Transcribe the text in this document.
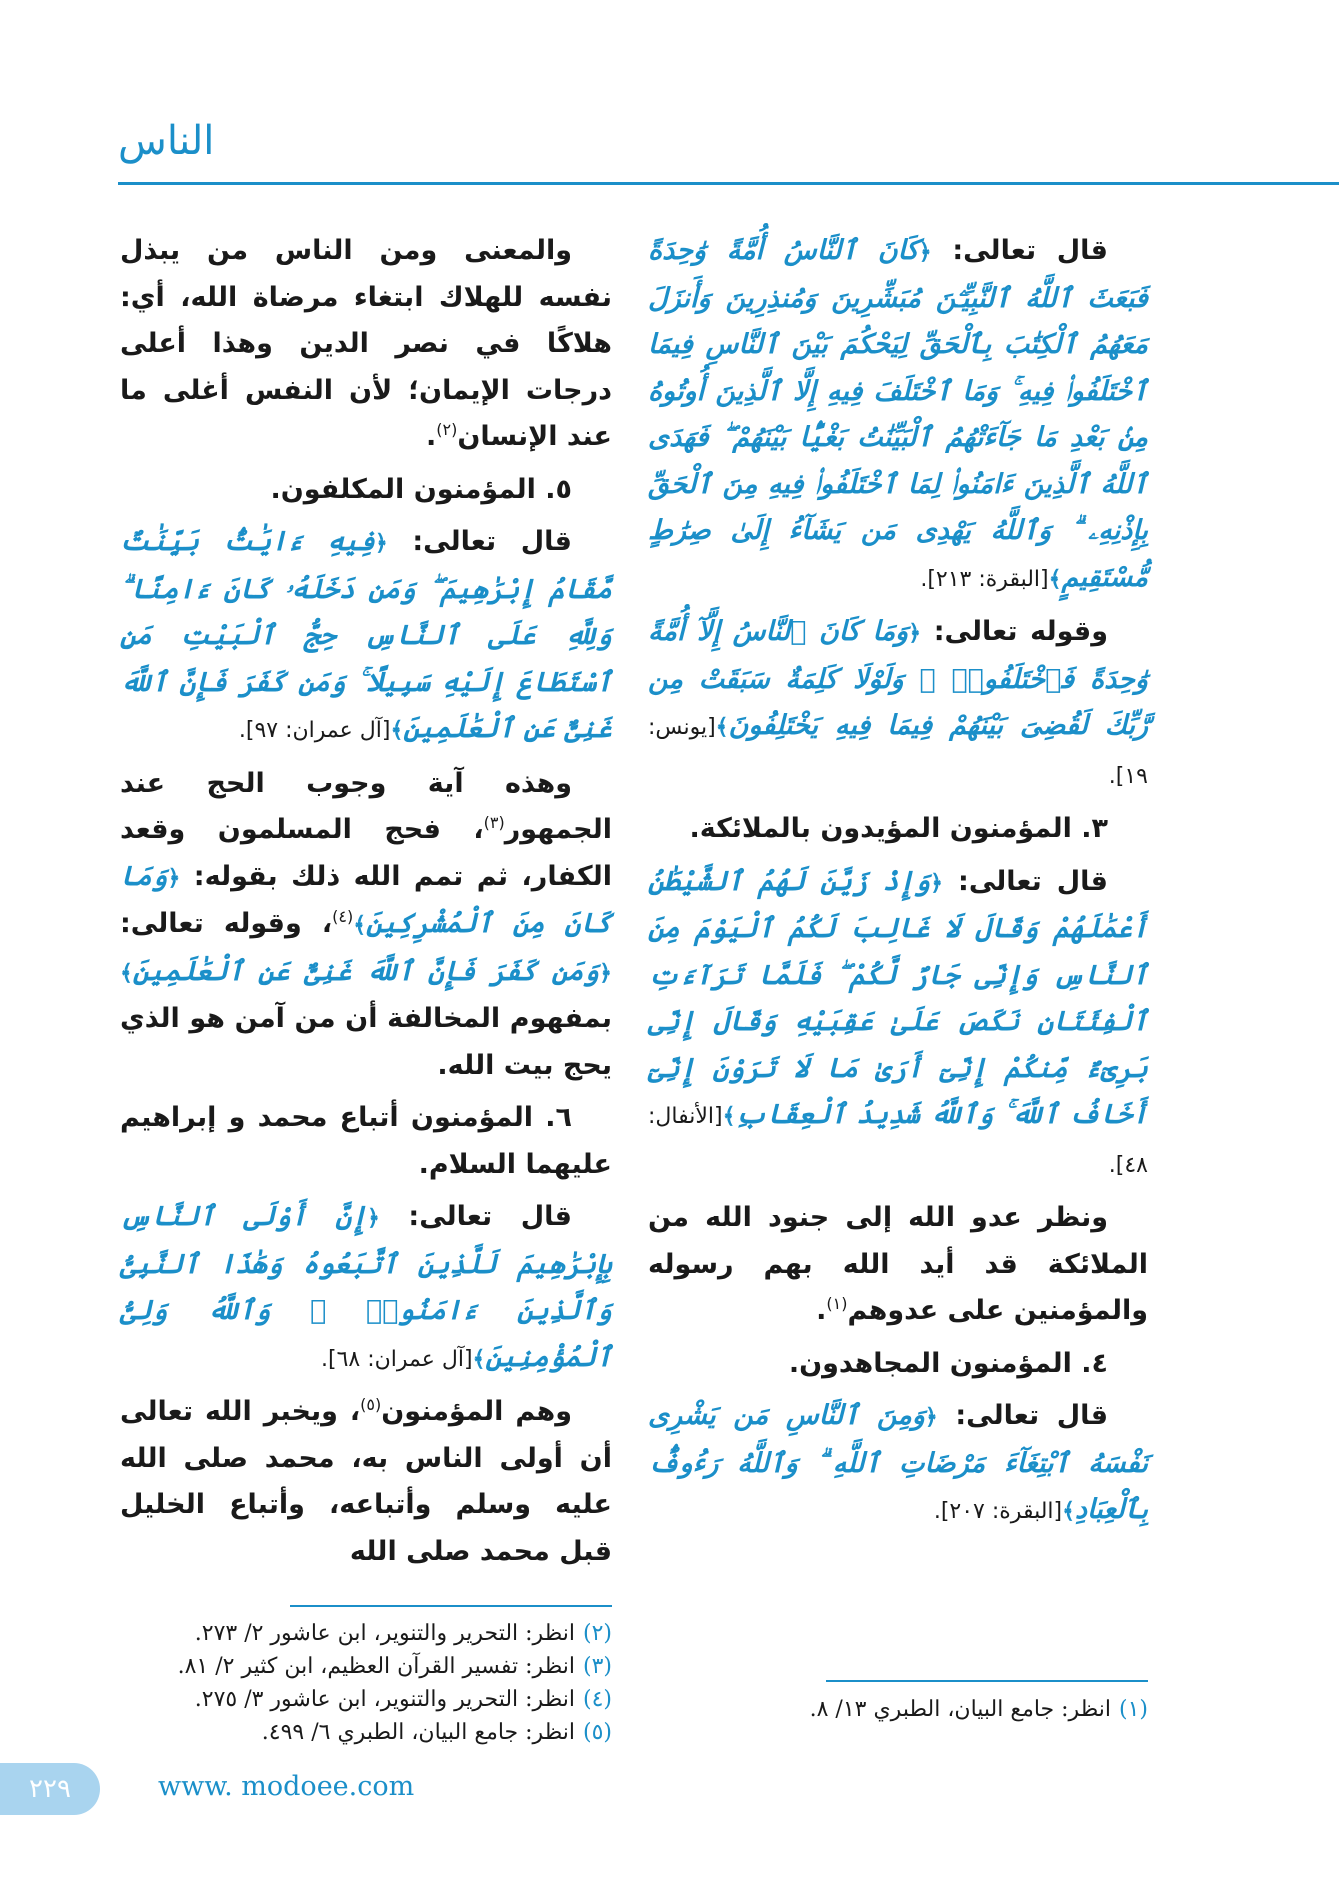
الناس

قال تعالى: ﴿كَانَ ٱلنَّاسُ أُمَّةً وَٰحِدَةً فَبَعَثَ ٱللَّهُ ٱلنَّبِيِّـۧنَ مُبَشِّرِينَ وَمُنذِرِينَ وَأَنزَلَ مَعَهُمُ ٱلْكِتَٰبَ بِٱلْحَقِّ لِيَحْكُمَ بَيْنَ ٱلنَّاسِ فِيمَا ٱخْتَلَفُوا۟ فِيهِ ۚ وَمَا ٱخْتَلَفَ فِيهِ إِلَّا ٱلَّذِينَ أُوتُوهُ مِنۢ بَعْدِ مَا جَآءَتْهُمُ ٱلْبَيِّنَٰتُ بَغْيًۢا بَيْنَهُمْ ۖ فَهَدَى ٱللَّهُ ٱلَّذِينَ ءَامَنُوا۟ لِمَا ٱخْتَلَفُوا۟ فِيهِ مِنَ ٱلْحَقِّ بِإِذْنِهِۦ ۗ وَٱللَّهُ يَهْدِى مَن يَشَآءُ إِلَىٰ صِرَٰطٍ مُّسْتَقِيمٍ﴾[البقرة: ٢١٣].

وقوله تعالى: ﴿وَمَا كَانَ ٱلنَّاسُ إِلَّآ أُمَّةً وَٰحِدَةً فَٱخْتَلَفُوا۟ ۚ وَلَوْلَا كَلِمَةٌ سَبَقَتْ مِن رَّبِّكَ لَقُضِىَ بَيْنَهُمْ فِيمَا فِيهِ يَخْتَلِفُونَ﴾[يونس: ١٩].

٣. المؤمنون المؤيدون بالملائكة.

قال تعالى: ﴿وَإِذْ زَيَّنَ لَهُمُ ٱلشَّيْطَٰنُ أَعْمَٰلَهُمْ وَقَالَ لَا غَالِبَ لَكُمُ ٱلْيَوْمَ مِنَ ٱلنَّاسِ وَإِنِّى جَارٌ لَّكُمْ ۖ فَلَمَّا تَرَآءَتِ ٱلْفِئَتَانِ نَكَصَ عَلَىٰ عَقِبَيْهِ وَقَالَ إِنِّى بَرِىٓءٌ مِّنكُمْ إِنِّىٓ أَرَىٰ مَا لَا تَرَوْنَ إِنِّىٓ أَخَافُ ٱللَّهَ ۚ وَٱللَّهُ شَدِيدُ ٱلْعِقَابِ﴾[الأنفال: ٤٨].

ونظر عدو الله إلى جنود الله من الملائكة قد أيد الله بهم رسوله والمؤمنين على عدوهم$^{(١)}$.

٤. المؤمنون المجاهدون.

قال تعالى: ﴿وَمِنَ ٱلنَّاسِ مَن يَشْرِى نَفْسَهُ ٱبْتِغَآءَ مَرْضَاتِ ٱللَّهِ ۗ وَٱللَّهُ رَءُوفٌۢ بِٱلْعِبَادِ﴾[البقرة: ٢٠٧].

والمعنى ومن الناس من يبذل نفسه للهلاك ابتغاء مرضاة الله، أي: هلاكًا في نصر الدين وهذا أعلى درجات الإيمان؛ لأن النفس أغلى ما عند الإنسان$^{(٢)}$.

٥. المؤمنون المكلفون.

قال تعالى: ﴿فِيهِ ءَايَٰتٌۢ بَيِّنَٰتٌ مَّقَامُ إِبْرَٰهِيمَ ۖ وَمَن دَخَلَهُۥ كَانَ ءَامِنًا ۗ وَلِلَّهِ عَلَى ٱلنَّاسِ حِجُّ ٱلْبَيْتِ مَنِ ٱسْتَطَاعَ إِلَيْهِ سَبِيلًا ۚ وَمَن كَفَرَ فَإِنَّ ٱللَّهَ غَنِىٌّ عَنِ ٱلْعَٰلَمِينَ﴾[آل عمران: ٩٧].

وهذه آية وجوب الحج عند الجمهور$^{(٣)}$، فحج المسلمون وقعد الكفار، ثم تمم الله ذلك بقوله: ﴿وَمَا كَانَ مِنَ ٱلْمُشْرِكِينَ﴾$^{(٤)}$، وقوله تعالى: ﴿وَمَن كَفَرَ فَإِنَّ ٱللَّهَ غَنِىٌّ عَنِ ٱلْعَٰلَمِينَ﴾ بمفهوم المخالفة أن من آمن هو الذي يحج بيت الله.

٦. المؤمنون أتباع محمد و إبراهيم عليهما السلام.

قال تعالى: ﴿إِنَّ أَوْلَى ٱلنَّاسِ بِإِبْرَٰهِيمَ لَلَّذِينَ ٱتَّبَعُوهُ وَهَٰذَا ٱلنَّبِىُّ وَٱلَّذِينَ ءَامَنُوا۟ ۗ وَٱللَّهُ وَلِىُّ ٱلْمُؤْمِنِينَ﴾[آل عمران: ٦٨].

وهم المؤمنون$^{(٥)}$، ويخبر الله تعالى أن أولى الناس به، محمد صلى الله عليه وسلم وأتباعه، وأتباع الخليل قبل محمد صلى الله

(٢)انظر: التحرير والتنوير، ابن عاشور ٢/ ٢٧٣.
(٣)انظر: تفسير القرآن العظيم، ابن كثير ٢/ ٨١.
(٤)انظر: التحرير والتنوير، ابن عاشور ٣/ ٢٧٥.
(٥)انظر: جامع البيان، الطبري ٦/ ٤٩٩.
(١)انظر: جامع البيان، الطبري ١٣/ ٨.
٢٢٩	www. modoee.com
